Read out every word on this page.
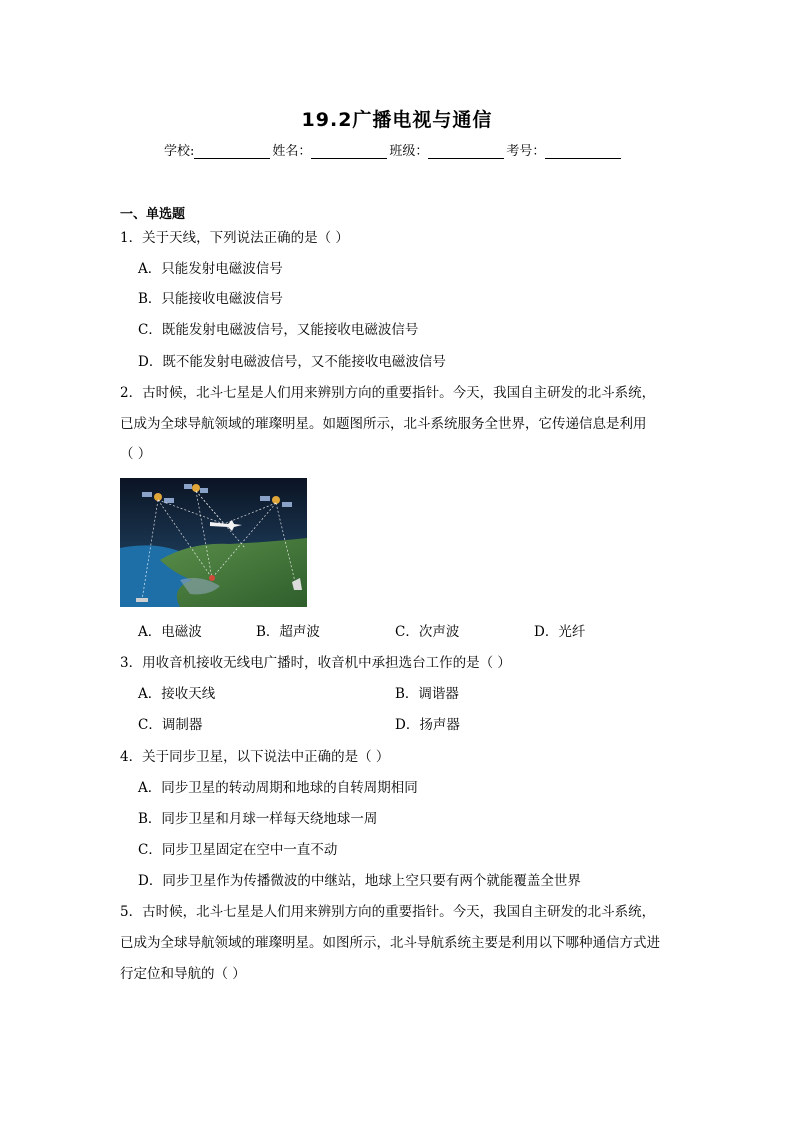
19.2广播电视与通信
学校:	姓名：	班级：	考号：
一、单选题
1．关于天线，下列说法正确的是（ ）
A．只能发射电磁波信号
B．只能接收电磁波信号
C．既能发射电磁波信号，又能接收电磁波信号
D．既不能发射电磁波信号，又不能接收电磁波信号
2．古时候，北斗七星是人们用来辨别方向的重要指针。今天，我国自主研发的北斗系统，
已成为全球导航领域的璀璨明星。如题图所示，北斗系统服务全世界，它传递信息是利用
（ ）
A．电磁波	B．超声波	C．次声波	D．光纤
3．用收音机接收无线电广播时，收音机中承担选台工作的是（ ）
A．接收天线	B．调谐器
C．调制器	D．扬声器
4．关于同步卫星，以下说法中正确的是（ ）
A．同步卫星的转动周期和地球的自转周期相同
B．同步卫星和月球一样每天绕地球一周
C．同步卫星固定在空中一直不动
D．同步卫星作为传播微波的中继站，地球上空只要有两个就能覆盖全世界
5．古时候，北斗七星是人们用来辨别方向的重要指针。今天，我国自主研发的北斗系统，
已成为全球导航领域的璀璨明星。如图所示，北斗导航系统主要是利用以下哪种通信方式进
行定位和导航的（ ）
